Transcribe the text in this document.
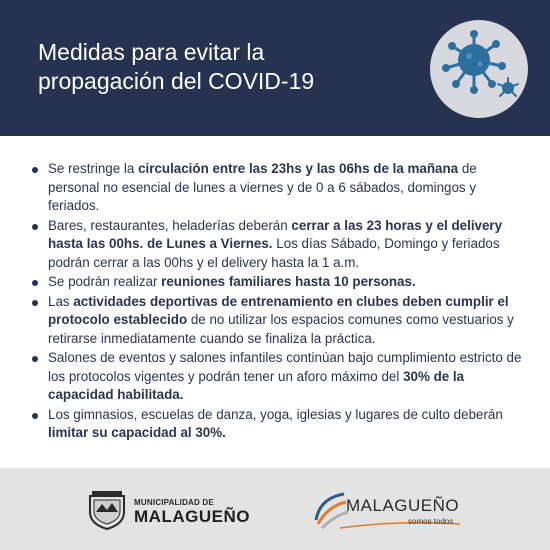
Medidas para evitar la
propagación del COVID-19
Se restringe la circulación entre las 23hs y las 06hs de la mañana de personal no esencial de lunes a viernes y de 0 a 6 sábados, domingos y feriados.
Bares, restaurantes, heladerías deberán cerrar a las 23 horas y el delivery hasta las 00hs. de Lunes a Viernes. Los días Sábado, Domingo y feriados podrán cerrar a las 00hs y el delivery hasta la 1 a.m.
Se podrán realizar reuniones familiares hasta 10 personas.
Las actividades deportivas de entrenamiento en clubes deben cumplir el protocolo establecido de no utilizar los espacios comunes como vestuarios y retirarse inmediatamente cuando se finaliza la práctica.
Salones de eventos y salones infantiles continúan bajo cumplimiento estricto de los protocolos vigentes y podrán tener un aforo máximo del 30% de la capacidad habilitada.
Los gimnasios, escuelas de danza, yoga, iglesias y lugares de culto deberán limitar su capacidad al 30%.
MUNICIPALIDAD DE
MALAGUEÑO
MALAGUEÑO
somos todos
